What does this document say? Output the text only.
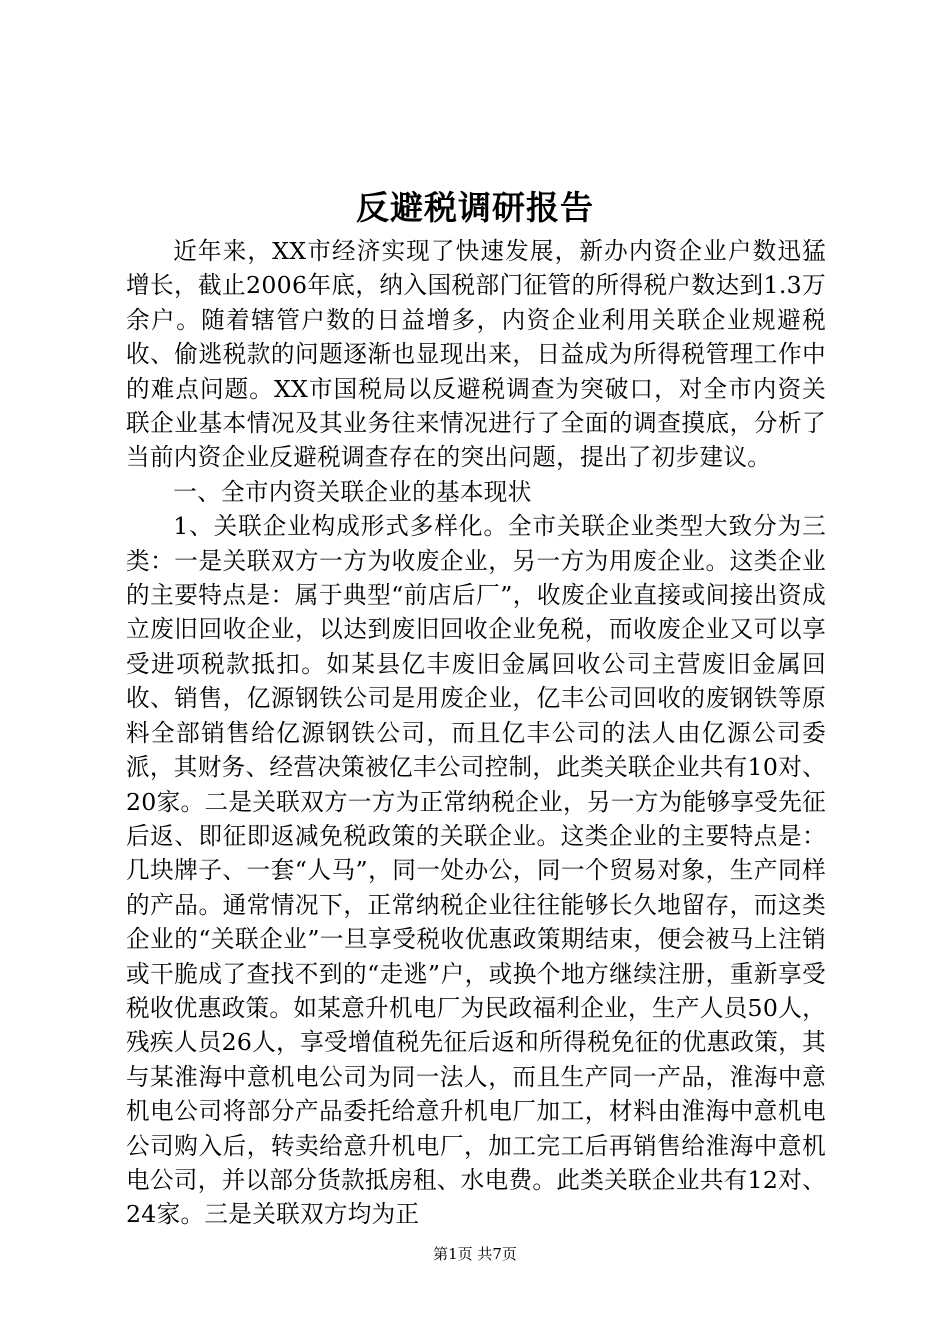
反避税调研报告

近年来，XX市经济实现了快速发展，新办内资企业户数迅猛增长，截止2006年底，纳入国税部门征管的所得税户数达到1.3万余户。随着辖管户数的日益增多，内资企业利用关联企业规避税收、偷逃税款的问题逐渐也显现出来，日益成为所得税管理工作中的难点问题。XX市国税局以反避税调查为突破口，对全市内资关联企业基本情况及其业务往来情况进行了全面的调查摸底，分析了当前内资企业反避税调查存在的突出问题，提出了初步建议。

一、全市内资关联企业的基本现状

1、关联企业构成形式多样化。全市关联企业类型大致分为三类：一是关联双方一方为收废企业，另一方为用废企业。这类企业的主要特点是：属于典型“前店后厂”，收废企业直接或间接出资成立废旧回收企业，以达到废旧回收企业免税，而收废企业又可以享受进项税款抵扣。如某县亿丰废旧金属回收公司主营废旧金属回收、销售，亿源钢铁公司是用废企业，亿丰公司回收的废钢铁等原料全部销售给亿源钢铁公司，而且亿丰公司的法人由亿源公司委派，其财务、经营决策被亿丰公司控制，此类关联企业共有10对、20家。二是关联双方一方为正常纳税企业，另一方为能够享受先征后返、即征即返减免税政策的关联企业。这类企业的主要特点是：几块牌子、一套“人马”，同一处办公，同一个贸易对象，生产同样的产品。通常情况下，正常纳税企业往往能够长久地留存，而这类企业的“关联企业”一旦享受税收优惠政策期结束，便会被马上注销或干脆成了查找不到的“走逃”户，或换个地方继续注册，重新享受税收优惠政策。如某意升机电厂为民政福利企业，生产人员50人，残疾人员26人，享受增值税先征后返和所得税免征的优惠政策，其与某淮海中意机电公司为同一法人，而且生产同一产品，淮海中意机电公司将部分产品委托给意升机电厂加工，材料由淮海中意机电公司购入后，转卖给意升机电厂，加工完工后再销售给淮海中意机电公司，并以部分货款抵房租、水电费。此类关联企业共有12对、24家。三是关联双方均为正

第1页 共7页
